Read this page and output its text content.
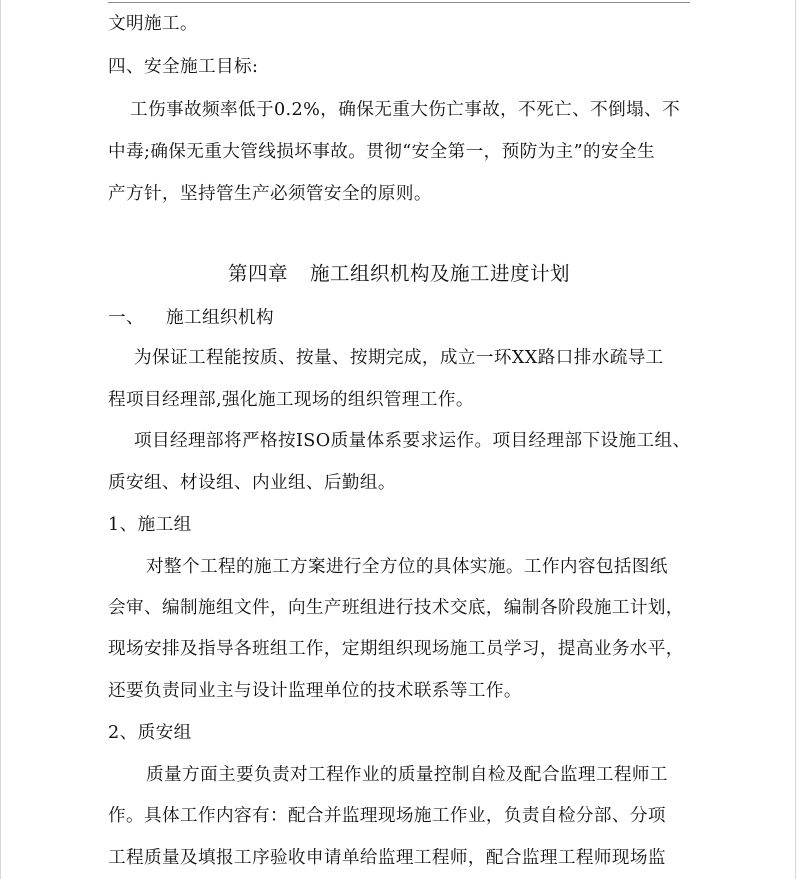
文明施工。
四、安全施工目标:
工伤事故频率低于0.2%，确保无重大伤亡事故，不死亡、不倒塌、不
中毒;确保无重大管线损坏事故。贯彻“安全第一，预防为主”的安全生
产方针，坚持管生产必须管安全的原则。
第四章 施工组织机构及施工进度计划
一、 施工组织机构
为保证工程能按质、按量、按期完成，成立一环XX路口排水疏导工
程项目经理部,强化施工现场的组织管理工作。
项目经理部将严格按ISO质量体系要求运作。项目经理部下设施工组、
质安组、材设组、内业组、后勤组。
1、施工组
对整个工程的施工方案进行全方位的具体实施。工作内容包括图纸
会审、编制施组文件，向生产班组进行技术交底，编制各阶段施工计划，
现场安排及指导各班组工作，定期组织现场施工员学习，提高业务水平，
还要负责同业主与设计监理单位的技术联系等工作。
2、质安组
质量方面主要负责对工程作业的质量控制自检及配合监理工程师工
作。具体工作内容有：配合并监理现场施工作业，负责自检分部、分项
工程质量及填报工序验收申请单给监理工程师，配合监理工程师现场监
